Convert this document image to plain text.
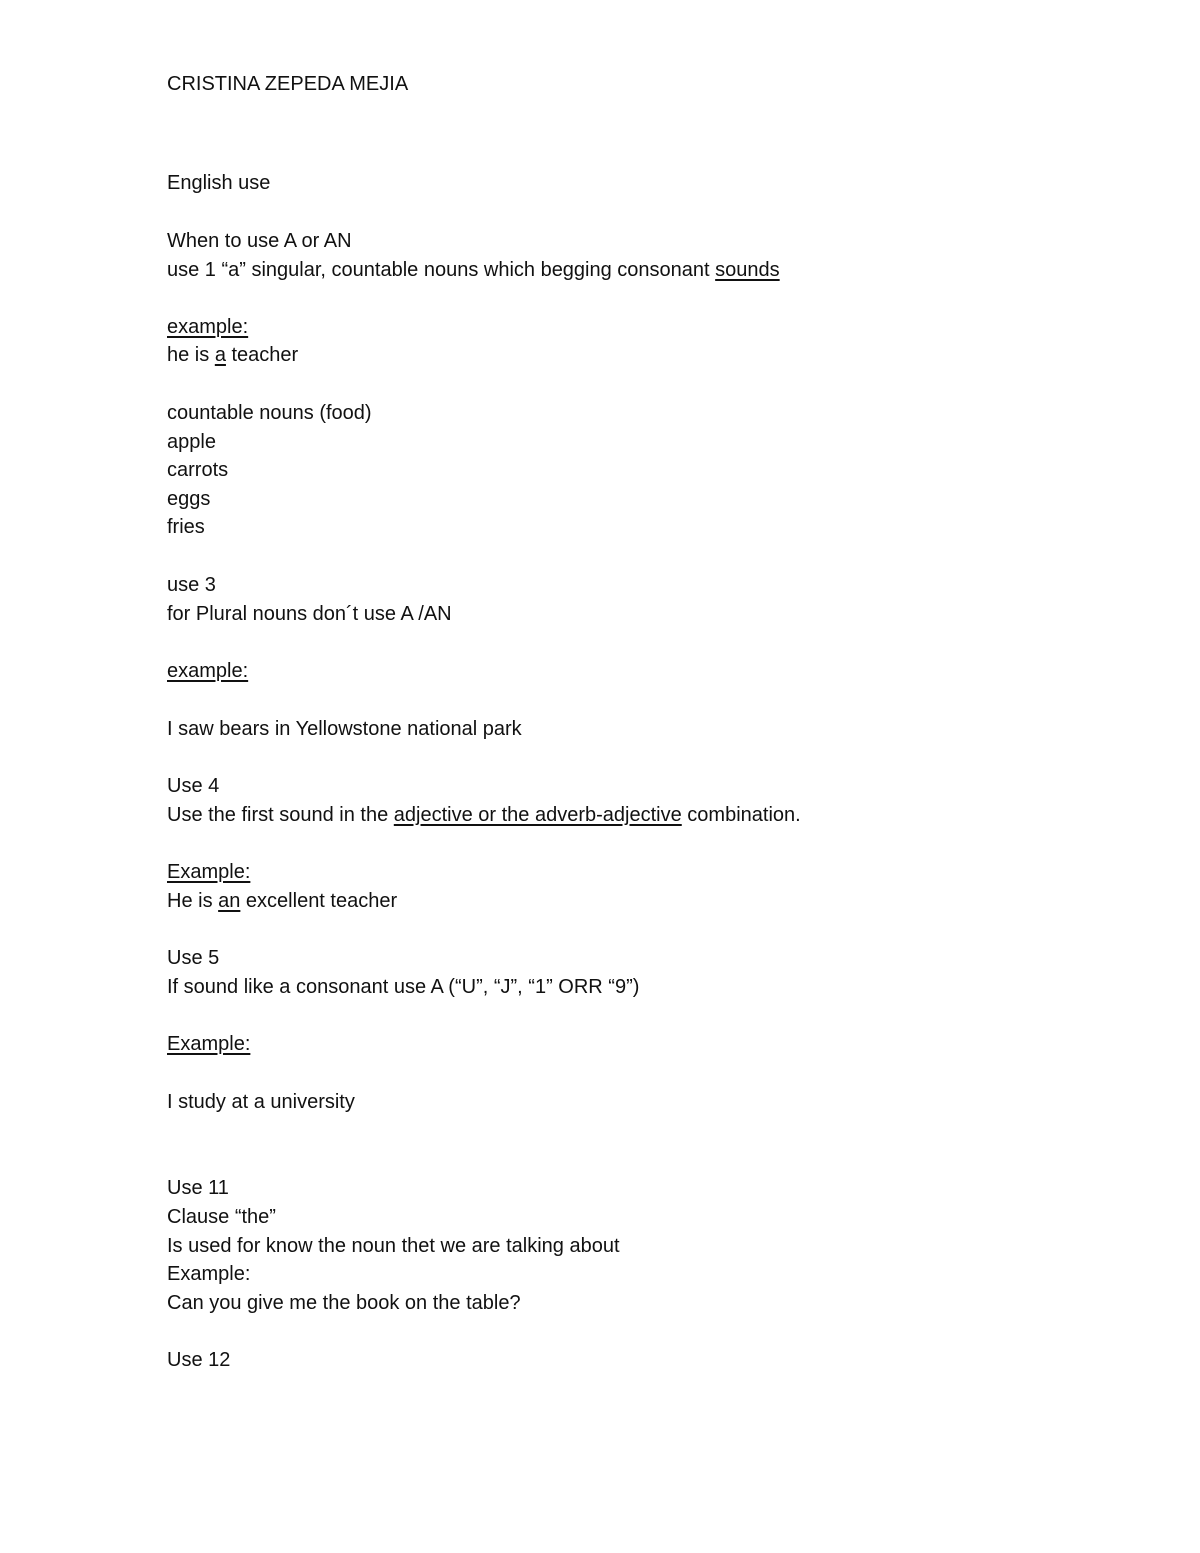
CRISTINA ZEPEDA MEJIA
English use
When to use A or AN
use 1 “a” singular, countable nouns which begging consonant sounds
example:
he is a teacher
countable nouns (food)
apple
carrots
eggs
fries
use 3
for Plural nouns don´t use A /AN
example:
I saw bears in Yellowstone national park
Use 4
Use the first sound in the adjective or the adverb-adjective combination.
Example:
He is an excellent teacher
Use 5
If sound like a consonant use A (“U”, “J”, “1” ORR “9”)
Example:
I study at a university
Use 11
Clause “the”
Is used for know the noun thet we are talking about
Example:
Can you give me the book on the table?
Use 12
